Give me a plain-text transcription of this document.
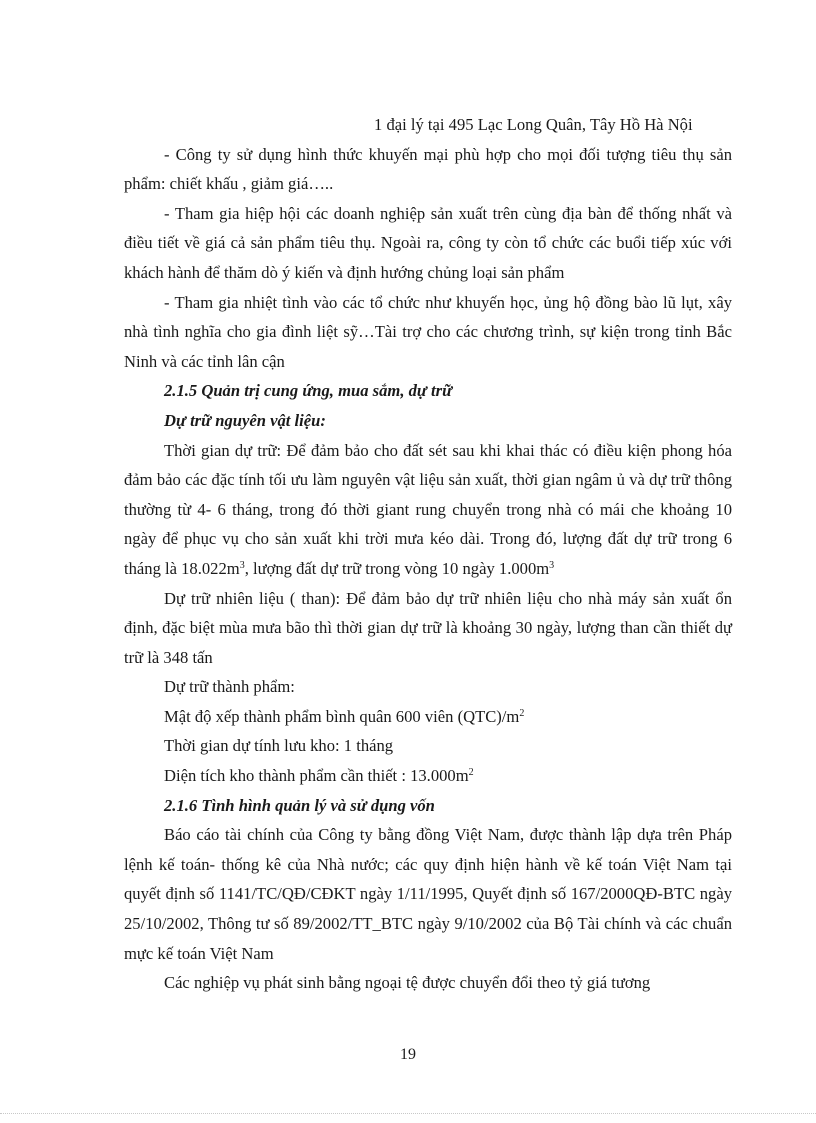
1 đại lý tại 495 Lạc Long Quân, Tây Hồ Hà Nội

- Công ty sử dụng hình thức khuyến mại phù hợp cho mọi đối tượng tiêu thụ sản phẩm: chiết khấu , giảm giá…..

- Tham gia hiệp hội các doanh nghiệp sản xuất trên cùng địa bàn để thống nhất và điều tiết về giá cả sản phẩm tiêu thụ. Ngoài ra, công ty còn tổ chức các buổi tiếp xúc với khách hành để thăm dò ý kiến và định hướng chủng loại sản phẩm

- Tham gia nhiệt tình vào các tổ chức như khuyến học, ủng hộ đồng bào lũ lụt, xây nhà tình nghĩa cho gia đình liệt sỹ…Tài trợ cho các chương trình, sự kiện trong tỉnh Bắc Ninh và các tỉnh lân cận

2.1.5 Quản trị cung ứng, mua sắm, dự trữ

Dự trữ nguyên vật liệu:

Thời gian dự trữ: Để đảm bảo cho đất sét sau khi khai thác có điều kiện phong hóa đảm bảo các đặc tính tối ưu làm nguyên vật liệu sản xuất, thời gian ngâm ủ và dự trữ thông thường từ 4- 6 tháng, trong đó thời giant rung chuyển trong nhà có mái che khoảng 10 ngày để phục vụ cho sản xuất khi trời mưa kéo dài. Trong đó, lượng đất dự trữ trong 6 tháng là $18.022m^3$, lượng đất dự trữ trong vòng 10 ngày $1.000m^3$

Dự trữ nhiên liệu ( than): Để đảm bảo dự trữ nhiên liệu cho nhà máy sản xuất ổn định, đặc biệt mùa mưa bão thì thời gian dự trữ là khoảng 30 ngày, lượng than cần thiết dự trữ là 348 tấn

Dự trữ thành phẩm:

Mật độ xếp thành phẩm bình quân 600 viên $(QTC)/m^2$

Thời gian dự tính lưu kho: 1 tháng

Diện tích kho thành phẩm cần thiết : $13.000m^2$

2.1.6 Tình hình quản lý và sử dụng vốn

Báo cáo tài chính của Công ty bằng đồng Việt Nam, được thành lập dựa trên Pháp lệnh kế toán- thống kê của Nhà nước; các quy định hiện hành về kế toán Việt Nam tại quyết định số 1141/TC/QĐ/CĐKT ngày 1/11/1995, Quyết định số 167/2000QĐ-BTC ngày 25/10/2002, Thông tư số 89/2002/TT_BTC ngày 9/10/2002 của Bộ Tài chính và các chuẩn mực kế toán Việt Nam

Các nghiệp vụ phát sinh bằng ngoại tệ được chuyển đổi theo tỷ giá tương

19
